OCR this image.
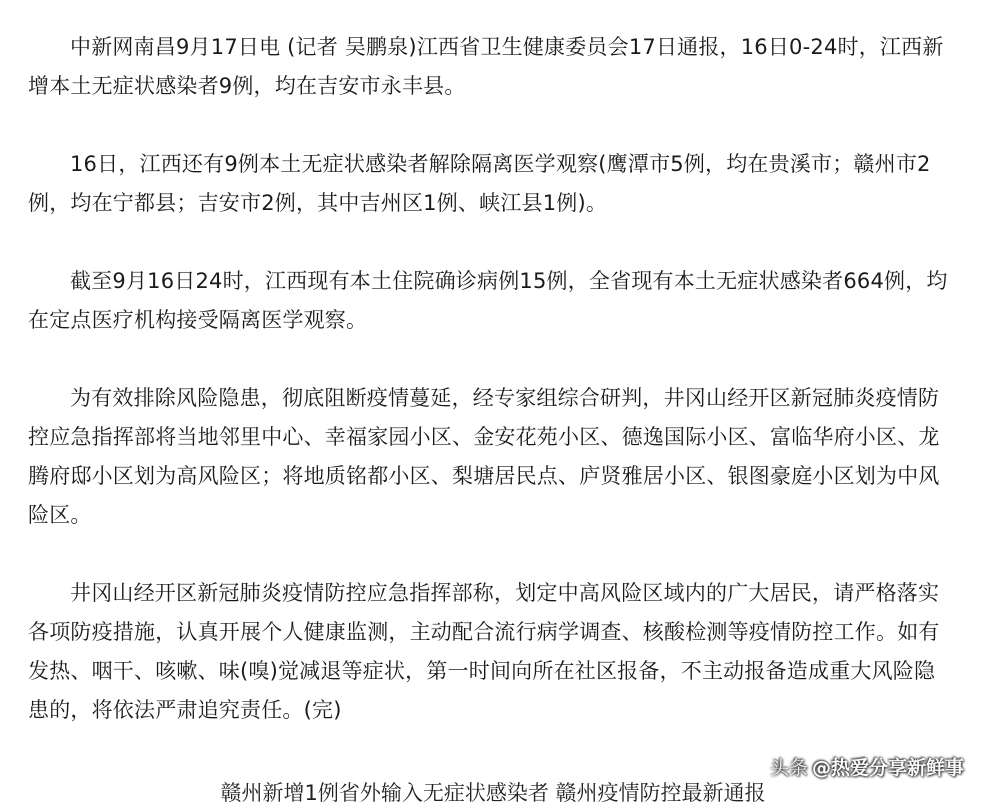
中新网南昌9月17日电 (记者 吴鹏泉)江西省卫生健康委员会17日通报，16日0-24时，江西新增本土无症状感染者9例，均在吉安市永丰县。

16日，江西还有9例本土无症状感染者解除隔离医学观察(鹰潭市5例，均在贵溪市；赣州市2例，均在宁都县；吉安市2例，其中吉州区1例、峡江县1例)。

截至9月16日24时，江西现有本土住院确诊病例15例，全省现有本土无症状感染者664例，均在定点医疗机构接受隔离医学观察。

为有效排除风险隐患，彻底阻断疫情蔓延，经专家组综合研判，井冈山经开区新冠肺炎疫情防控应急指挥部将当地邻里中心、幸福家园小区、金安花苑小区、德逸国际小区、富临华府小区、龙腾府邸小区划为高风险区；将地质铭都小区、梨塘居民点、庐贤雅居小区、银图豪庭小区划为中风险区。

井冈山经开区新冠肺炎疫情防控应急指挥部称，划定中高风险区域内的广大居民，请严格落实各项防疫措施，认真开展个人健康监测，主动配合流行病学调查、核酸检测等疫情防控工作。如有发热、咽干、咳嗽、味(嗅)觉减退等症状，第一时间向所在社区报备，不主动报备造成重大风险隐患的，将依法严肃追究责任。(完)

头条 @热爱分享新鲜事
赣州新增1例省外输入无症状感染者 赣州疫情防控最新通报
